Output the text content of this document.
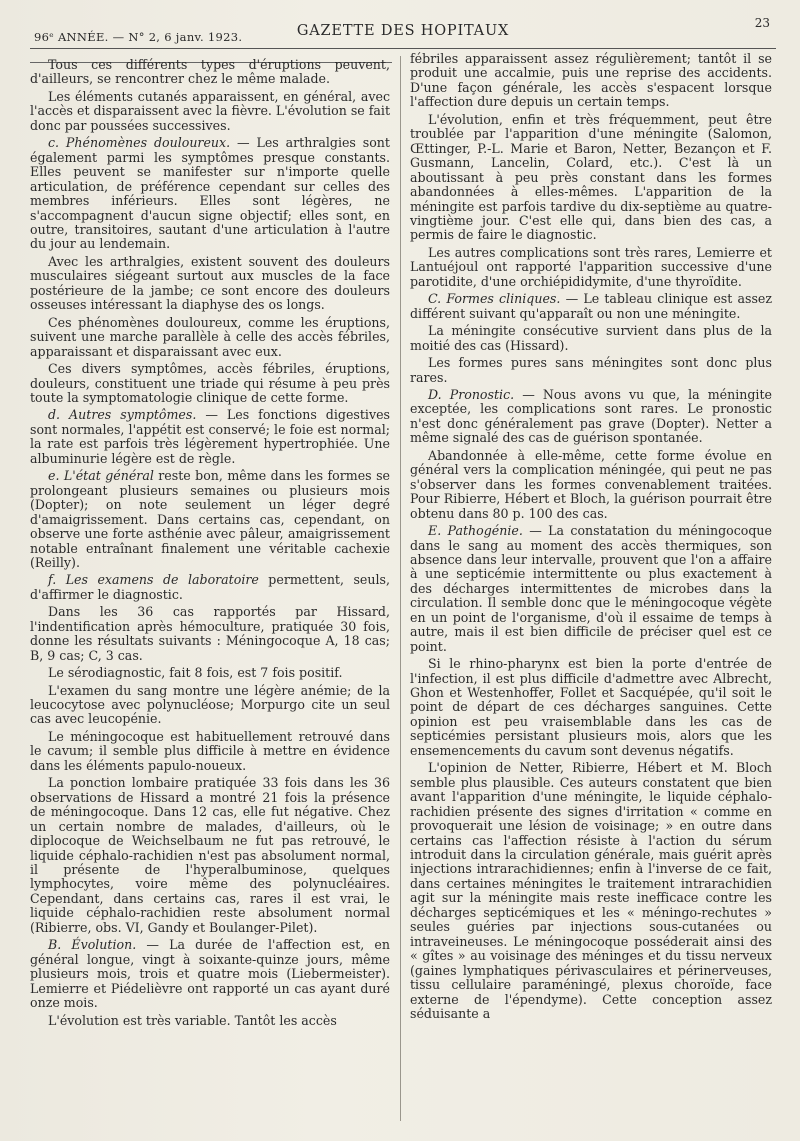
96ᵉ ANNÉE. — N° 2, 6 janv. 1923.	GAZETTE DES HOPITAUX	23

Tous ces différents types d'éruptions peuvent, d'ailleurs, se rencontrer chez le même malade.

Les éléments cutanés apparaissent, en général, avec l'accès et disparaissent avec la fièvre. L'évolution se fait donc par poussées successives.

c. Phénomènes douloureux. — Les arthralgies sont également parmi les symptômes presque constants. Elles peuvent se manifester sur n'importe quelle articulation, de préférence cependant sur celles des membres inférieurs. Elles sont légères, ne s'accompagnent d'aucun signe objectif; elles sont, en outre, transitoires, sautant d'une articulation à l'autre du jour au lendemain.

Avec les arthralgies, existent souvent des douleurs musculaires siégeant surtout aux muscles de la face postérieure de la jambe; ce sont encore des douleurs osseuses intéressant la diaphyse des os longs.

Ces phénomènes douloureux, comme les éruptions, suivent une marche parallèle à celle des accès fébriles, apparaissant et disparaissant avec eux.

Ces divers symptômes, accès fébriles, éruptions, douleurs, constituent une triade qui résume à peu près toute la symptomatologie clinique de cette forme.

d. Autres symptômes. — Les fonctions digestives sont normales, l'appétit est conservé; le foie est normal; la rate est parfois très légèrement hypertrophiée. Une albuminurie légère est de règle.

e. L'état général reste bon, même dans les formes se prolongeant plusieurs semaines ou plusieurs mois (Dopter); on note seulement un léger degré d'amaigrissement. Dans certains cas, cependant, on observe une forte asthénie avec pâleur, amaigrissement notable entraînant finalement une véritable cachexie (Reilly).

f. Les examens de laboratoire permettent, seuls, d'affirmer le diagnostic.

Dans les 36 cas rapportés par Hissard, l'indentification après hémoculture, pratiquée 30 fois, donne les résultats suivants : Méningocoque A, 18 cas; B, 9 cas; C, 3 cas.

Le sérodiagnostic, fait 8 fois, est 7 fois positif.

L'examen du sang montre une légère anémie; de la leucocytose avec polynucléose; Morpurgo cite un seul cas avec leucopénie.

Le méningocoque est habituellement retrouvé dans le cavum; il semble plus difficile à mettre en évidence dans les éléments papulo-noueux.

La ponction lombaire pratiquée 33 fois dans les 36 observations de Hissard a montré 21 fois la présence de méningocoque. Dans 12 cas, elle fut négative. Chez un certain nombre de malades, d'ailleurs, où le diplocoque de Weichselbaum ne fut pas retrouvé, le liquide céphalo-rachidien n'est pas absolument normal, il présente de l'hyperalbuminose, quelques lymphocytes, voire même des polynucléaires. Cependant, dans certains cas, rares il est vrai, le liquide céphalo-rachidien reste absolument normal (Ribierre, obs. VI, Gandy et Boulanger-Pilet).

B. Évolution. — La durée de l'affection est, en général longue, vingt à soixante-quinze jours, même plusieurs mois, trois et quatre mois (Liebermeister). Lemierre et Piédelièvre ont rapporté un cas ayant duré onze mois.

L'évolution est très variable. Tantôt les accès

fébriles apparaissent assez régulièrement; tantôt il se produit une accalmie, puis une reprise des accidents. D'une façon générale, les accès s'espacent lorsque l'affection dure depuis un certain temps.

L'évolution, enfin et très fréquemment, peut être troublée par l'apparition d'une méningite (Salomon, Œttinger, P.-L. Marie et Baron, Netter, Bezançon et F. Gusmann, Lancelin, Colard, etc.). C'est là un aboutissant à peu près constant dans les formes abandonnées à elles-mêmes. L'apparition de la méningite est parfois tardive du dix-septième au quatre-vingtième jour. C'est elle qui, dans bien des cas, a permis de faire le diagnostic.

Les autres complications sont très rares, Lemierre et Lantuéjoul ont rapporté l'apparition successive d'une parotidite, d'une orchiépididymite, d'une thyroïdite.

C. Formes cliniques. — Le tableau clinique est assez différent suivant qu'apparaît ou non une méningite.

La méningite consécutive survient dans plus de la moitié des cas (Hissard).

Les formes pures sans méningites sont donc plus rares.

D. Pronostic. — Nous avons vu que, la méningite exceptée, les complications sont rares. Le pronostic n'est donc généralement pas grave (Dopter). Netter a même signalé des cas de guérison spontanée.

Abandonnée à elle-même, cette forme évolue en général vers la complication méningée, qui peut ne pas s'observer dans les formes convenablement traitées. Pour Ribierre, Hébert et Bloch, la guérison pourrait être obtenu dans 80 p. 100 des cas.

E. Pathogénie. — La constatation du méningocoque dans le sang au moment des accès thermiques, son absence dans leur intervalle, prouvent que l'on a affaire à une septicémie intermittente ou plus exactement à des décharges intermittentes de microbes dans la circulation. Il semble donc que le méningocoque végète en un point de l'organisme, d'où il essaime de temps à autre, mais il est bien difficile de préciser quel est ce point.

Si le rhino-pharynx est bien la porte d'entrée de l'infection, il est plus difficile d'admettre avec Albrecht, Ghon et Westenhoffer, Follet et Sacquépée, qu'il soit le point de départ de ces décharges sanguines. Cette opinion est peu vraisemblable dans les cas de septicémies persistant plusieurs mois, alors que les ensemencements du cavum sont devenus négatifs.

L'opinion de Netter, Ribierre, Hébert et M. Bloch semble plus plausible. Ces auteurs constatent que bien avant l'apparition d'une méningite, le liquide céphalo-rachidien présente des signes d'irritation « comme en provoquerait une lésion de voisinage; » en outre dans certains cas l'affection résiste à l'action du sérum introduit dans la circulation générale, mais guérit après injections intrarachidiennes; enfin à l'inverse de ce fait, dans certaines méningites le traitement intrarachidien agit sur la méningite mais reste inefficace contre les décharges septicémiques et les « méningo-rechutes » seules guéries par injections sous-cutanées ou intraveineuses. Le méningocoque posséderait ainsi des « gîtes » au voisinage des méninges et du tissu nerveux (gaines lymphatiques périvasculaires et périnerveuses, tissu cellulaire paraméningé, plexus choroïde, face externe de l'épendyme). Cette conception assez séduisante a
